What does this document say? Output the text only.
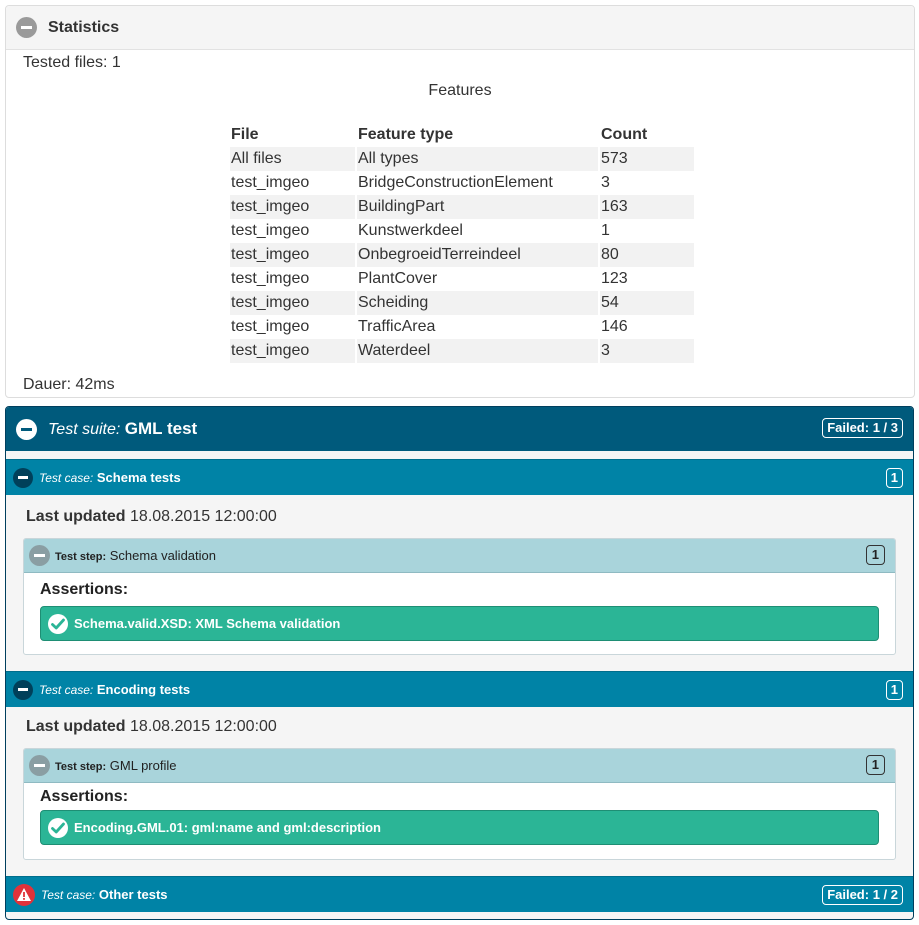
Statistics
Tested files: 1
Features
File	Feature type	Count
All files	All types	573
test_imgeo	BridgeConstructionElement	3
test_imgeo	BuildingPart	163
test_imgeo	Kunstwerkdeel	1
test_imgeo	OnbegroeidTerreindeel	80
test_imgeo	PlantCover	123
test_imgeo	Scheiding	54
test_imgeo	TrafficArea	146
test_imgeo	Waterdeel	3
Dauer: 42ms
Test suite: GML test	Failed: 1 / 3
Test case: Schema tests	1
Last updated 18.08.2015 12:00:00
Test step: Schema validation	1
Assertions:
Schema.valid.XSD: XML Schema validation
Test case: Encoding tests	1
Last updated 18.08.2015 12:00:00
Test step: GML profile	1
Assertions:
Encoding.GML.01: gml:name and gml:description
Test case: Other tests	Failed: 1 / 2
